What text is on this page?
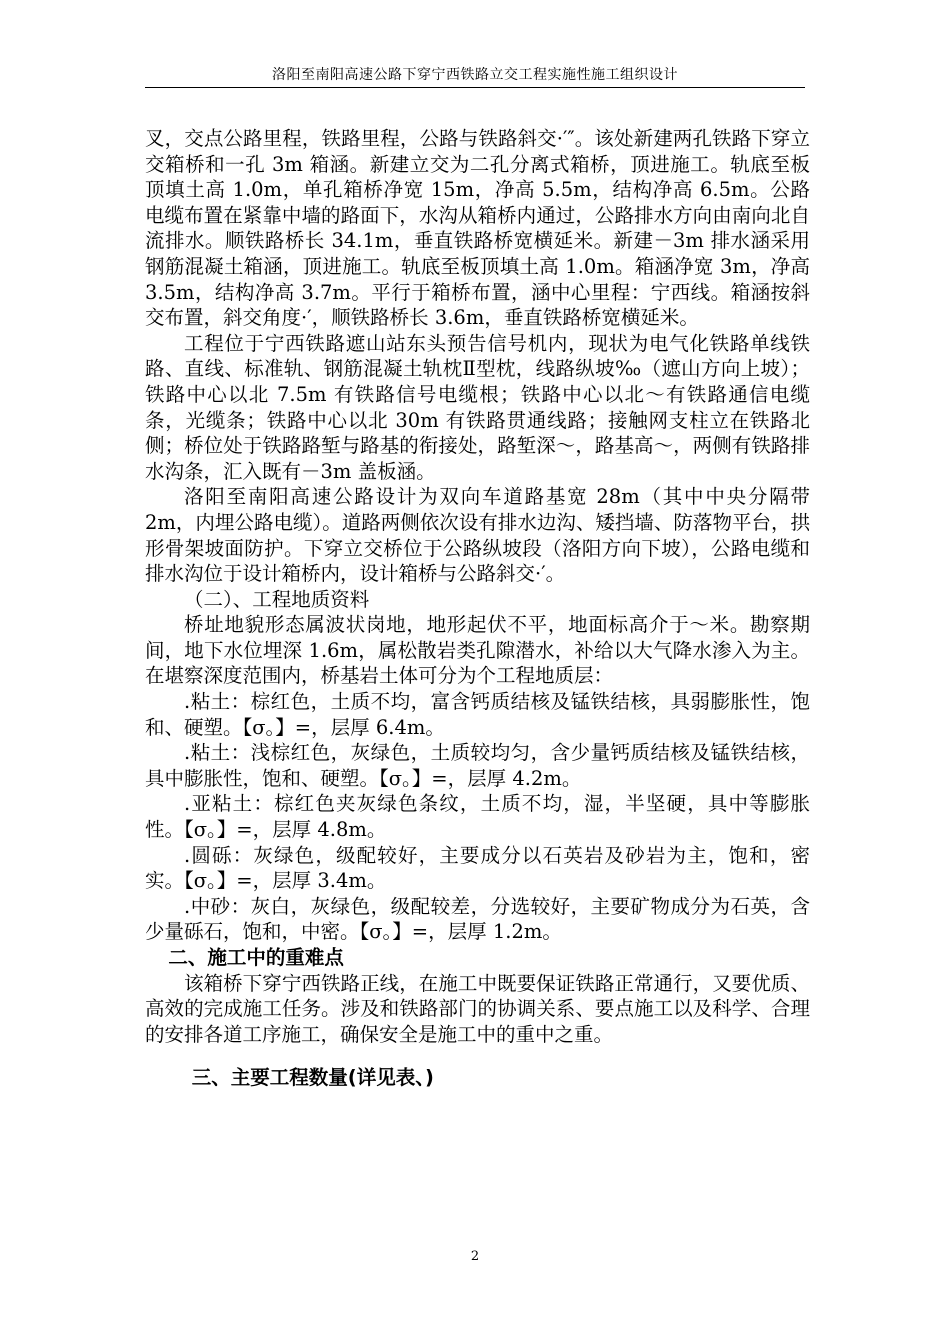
洛阳至南阳高速公路下穿宁西铁路立交工程实施性施工组织设计

叉，交点公路里程，铁路里程，公路与铁路斜交·′″。该处新建两孔铁路下穿立交箱桥和一孔 3m 箱涵。新建立交为二孔分离式箱桥，顶进施工。轨底至板顶填土高 1.0m，单孔箱桥净宽 15m，净高 5.5m，结构净高 6.5m。公路电缆布置在紧靠中墙的路面下，水沟从箱桥内通过，公路排水方向由南向北自流排水。顺铁路桥长 34.1m，垂直铁路桥宽横延米。新建－3m 排水涵采用钢筋混凝土箱涵，顶进施工。轨底至板顶填土高 1.0m。箱涵净宽 3m，净高 3.5m，结构净高 3.7m。平行于箱桥布置，涵中心里程：宁西线。箱涵按斜交布置，斜交角度·′，顺铁路桥长 3.6m，垂直铁路桥宽横延米。

工程位于宁西铁路遮山站东头预告信号机内，现状为电气化铁路单线铁路、直线、标准轨、钢筋混凝土轨枕Ⅱ型枕，线路纵坡‰（遮山方向上坡）；铁路中心以北 7.5m 有铁路信号电缆根；铁路中心以北～有铁路通信电缆条，光缆条；铁路中心以北 30m 有铁路贯通线路；接触网支柱立在铁路北侧；桥位处于铁路路堑与路基的衔接处，路堑深～，路基高～，两侧有铁路排水沟条，汇入既有－3m 盖板涵。

洛阳至南阳高速公路设计为双向车道路基宽 28m（其中中央分隔带 2m，内埋公路电缆）。道路两侧依次设有排水边沟、矮挡墙、防落物平台，拱形骨架坡面防护。下穿立交桥位于公路纵坡段（洛阳方向下坡），公路电缆和排水沟位于设计箱桥内，设计箱桥与公路斜交·′。

（二）、工程地质资料

桥址地貌形态属波状岗地，地形起伏不平，地面标高介于～米。勘察期间，地下水位埋深 1.6m，属松散岩类孔隙潜水，补给以大气降水渗入为主。在堪察深度范围内，桥基岩土体可分为个工程地质层：

.粘土：棕红色，土质不均，富含钙质结核及锰铁结核，具弱膨胀性，饱和、硬塑。【σ。】=，层厚 6.4m。

.粘土：浅棕红色，灰绿色，土质较均匀，含少量钙质结核及锰铁结核，具中膨胀性，饱和、硬塑。【σ。】=，层厚 4.2m。

.亚粘土：棕红色夹灰绿色条纹，土质不均，湿，半坚硬，具中等膨胀性。【σ。】=，层厚 4.8m。

.圆砾：灰绿色，级配较好，主要成分以石英岩及砂岩为主，饱和，密实。【σ。】=，层厚 3.4m。

.中砂：灰白，灰绿色，级配较差，分选较好，主要矿物成分为石英，含少量砾石，饱和，中密。【σ。】=，层厚 1.2m。

二、施工中的重难点

该箱桥下穿宁西铁路正线，在施工中既要保证铁路正常通行，又要优质、高效的完成施工任务。涉及和铁路部门的协调关系、要点施工以及科学、合理的安排各道工序施工，确保安全是施工中的重中之重。

三、主要工程数量(详见表、)

2
